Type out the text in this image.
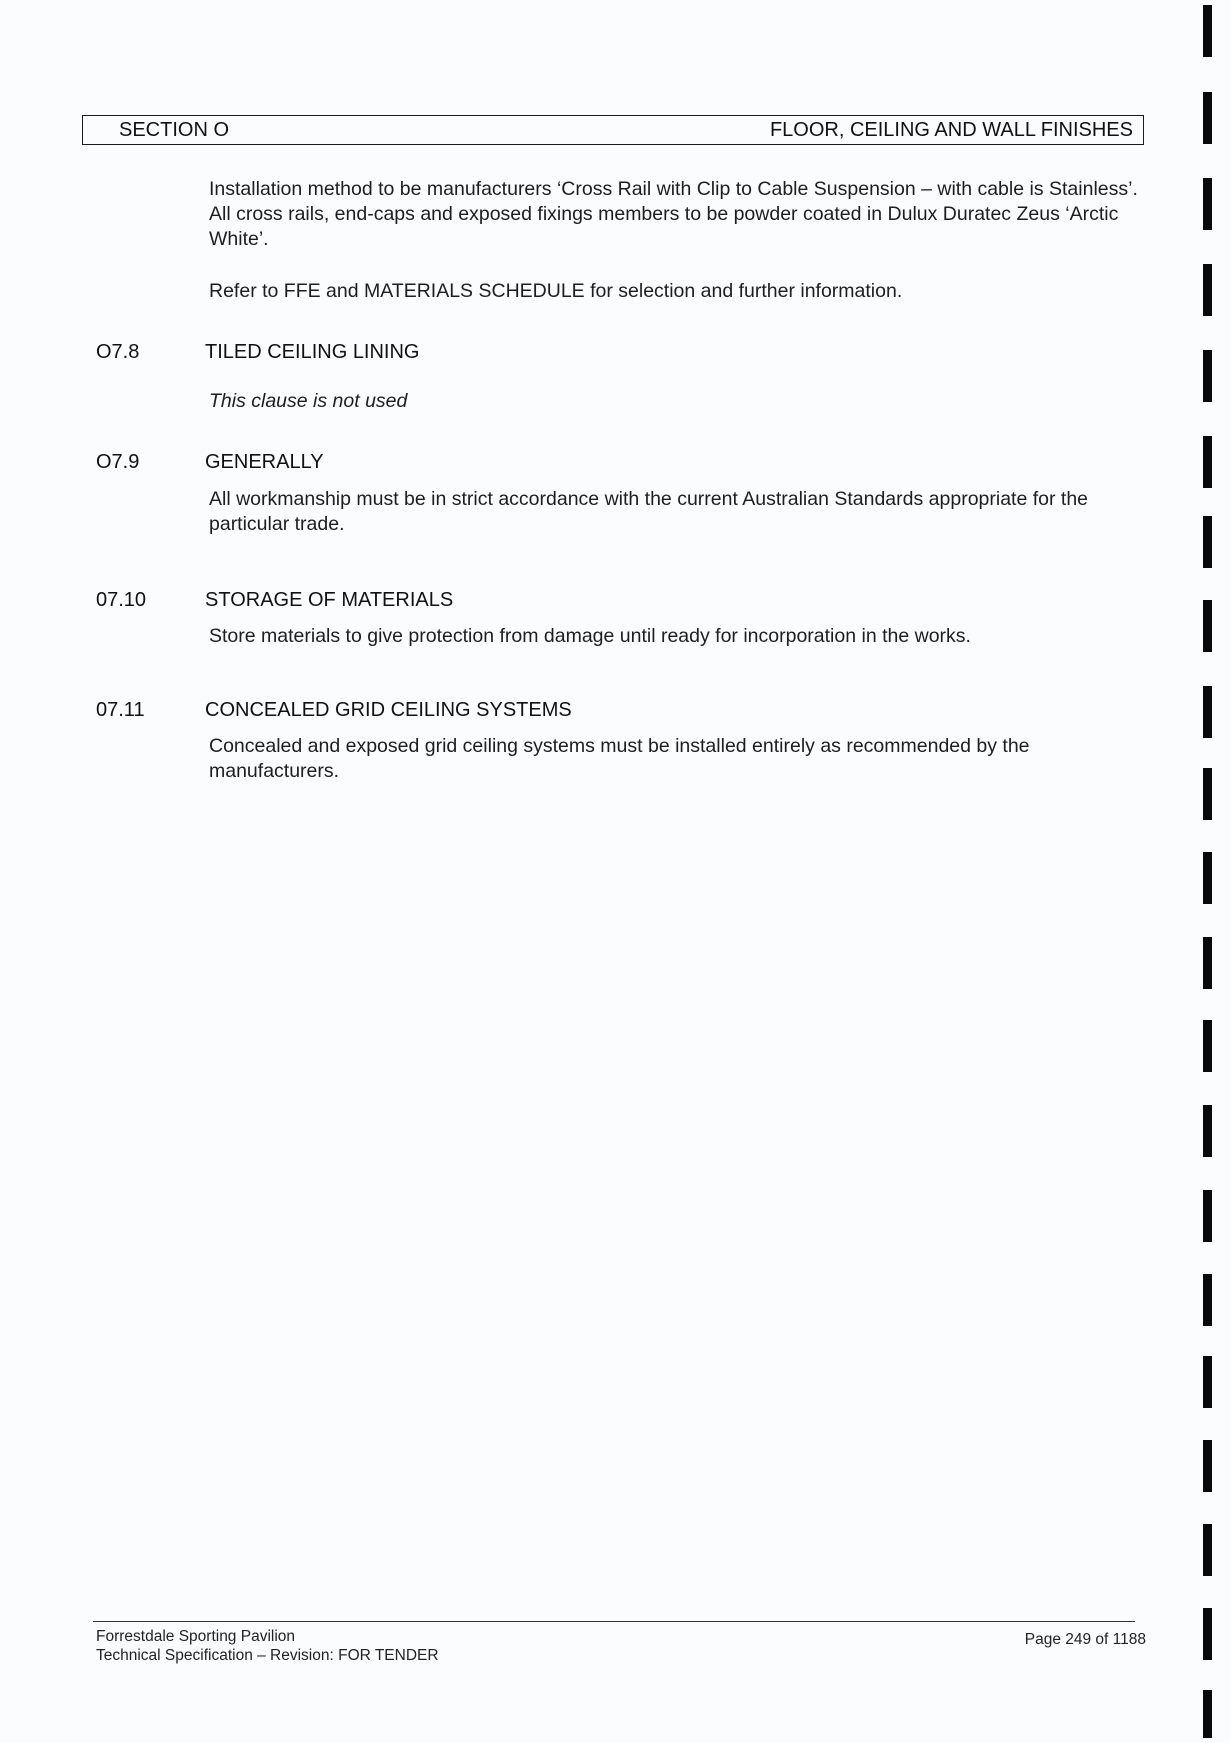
SECTION O	FLOOR, CEILING AND WALL FINISHES
Installation method to be manufacturers ‘Cross Rail with Clip to Cable Suspension – with cable is Stainless’. All cross rails, end-caps and exposed fixings members to be powder coated in Dulux Duratec Zeus ‘Arctic White’.
Refer to FFE and MATERIALS SCHEDULE for selection and further information.
O7.8	TILED CEILING LINING
This clause is not used
O7.9	GENERALLY
All workmanship must be in strict accordance with the current Australian Standards appropriate for the particular trade.
07.10	STORAGE OF MATERIALS
Store materials to give protection from damage until ready for incorporation in the works.
07.11	CONCEALED GRID CEILING SYSTEMS
Concealed and exposed grid ceiling systems must be installed entirely as recommended by the manufacturers.
Forrestdale Sporting Pavilion
Technical Specification – Revision: FOR TENDER
Page 249 of 1188
